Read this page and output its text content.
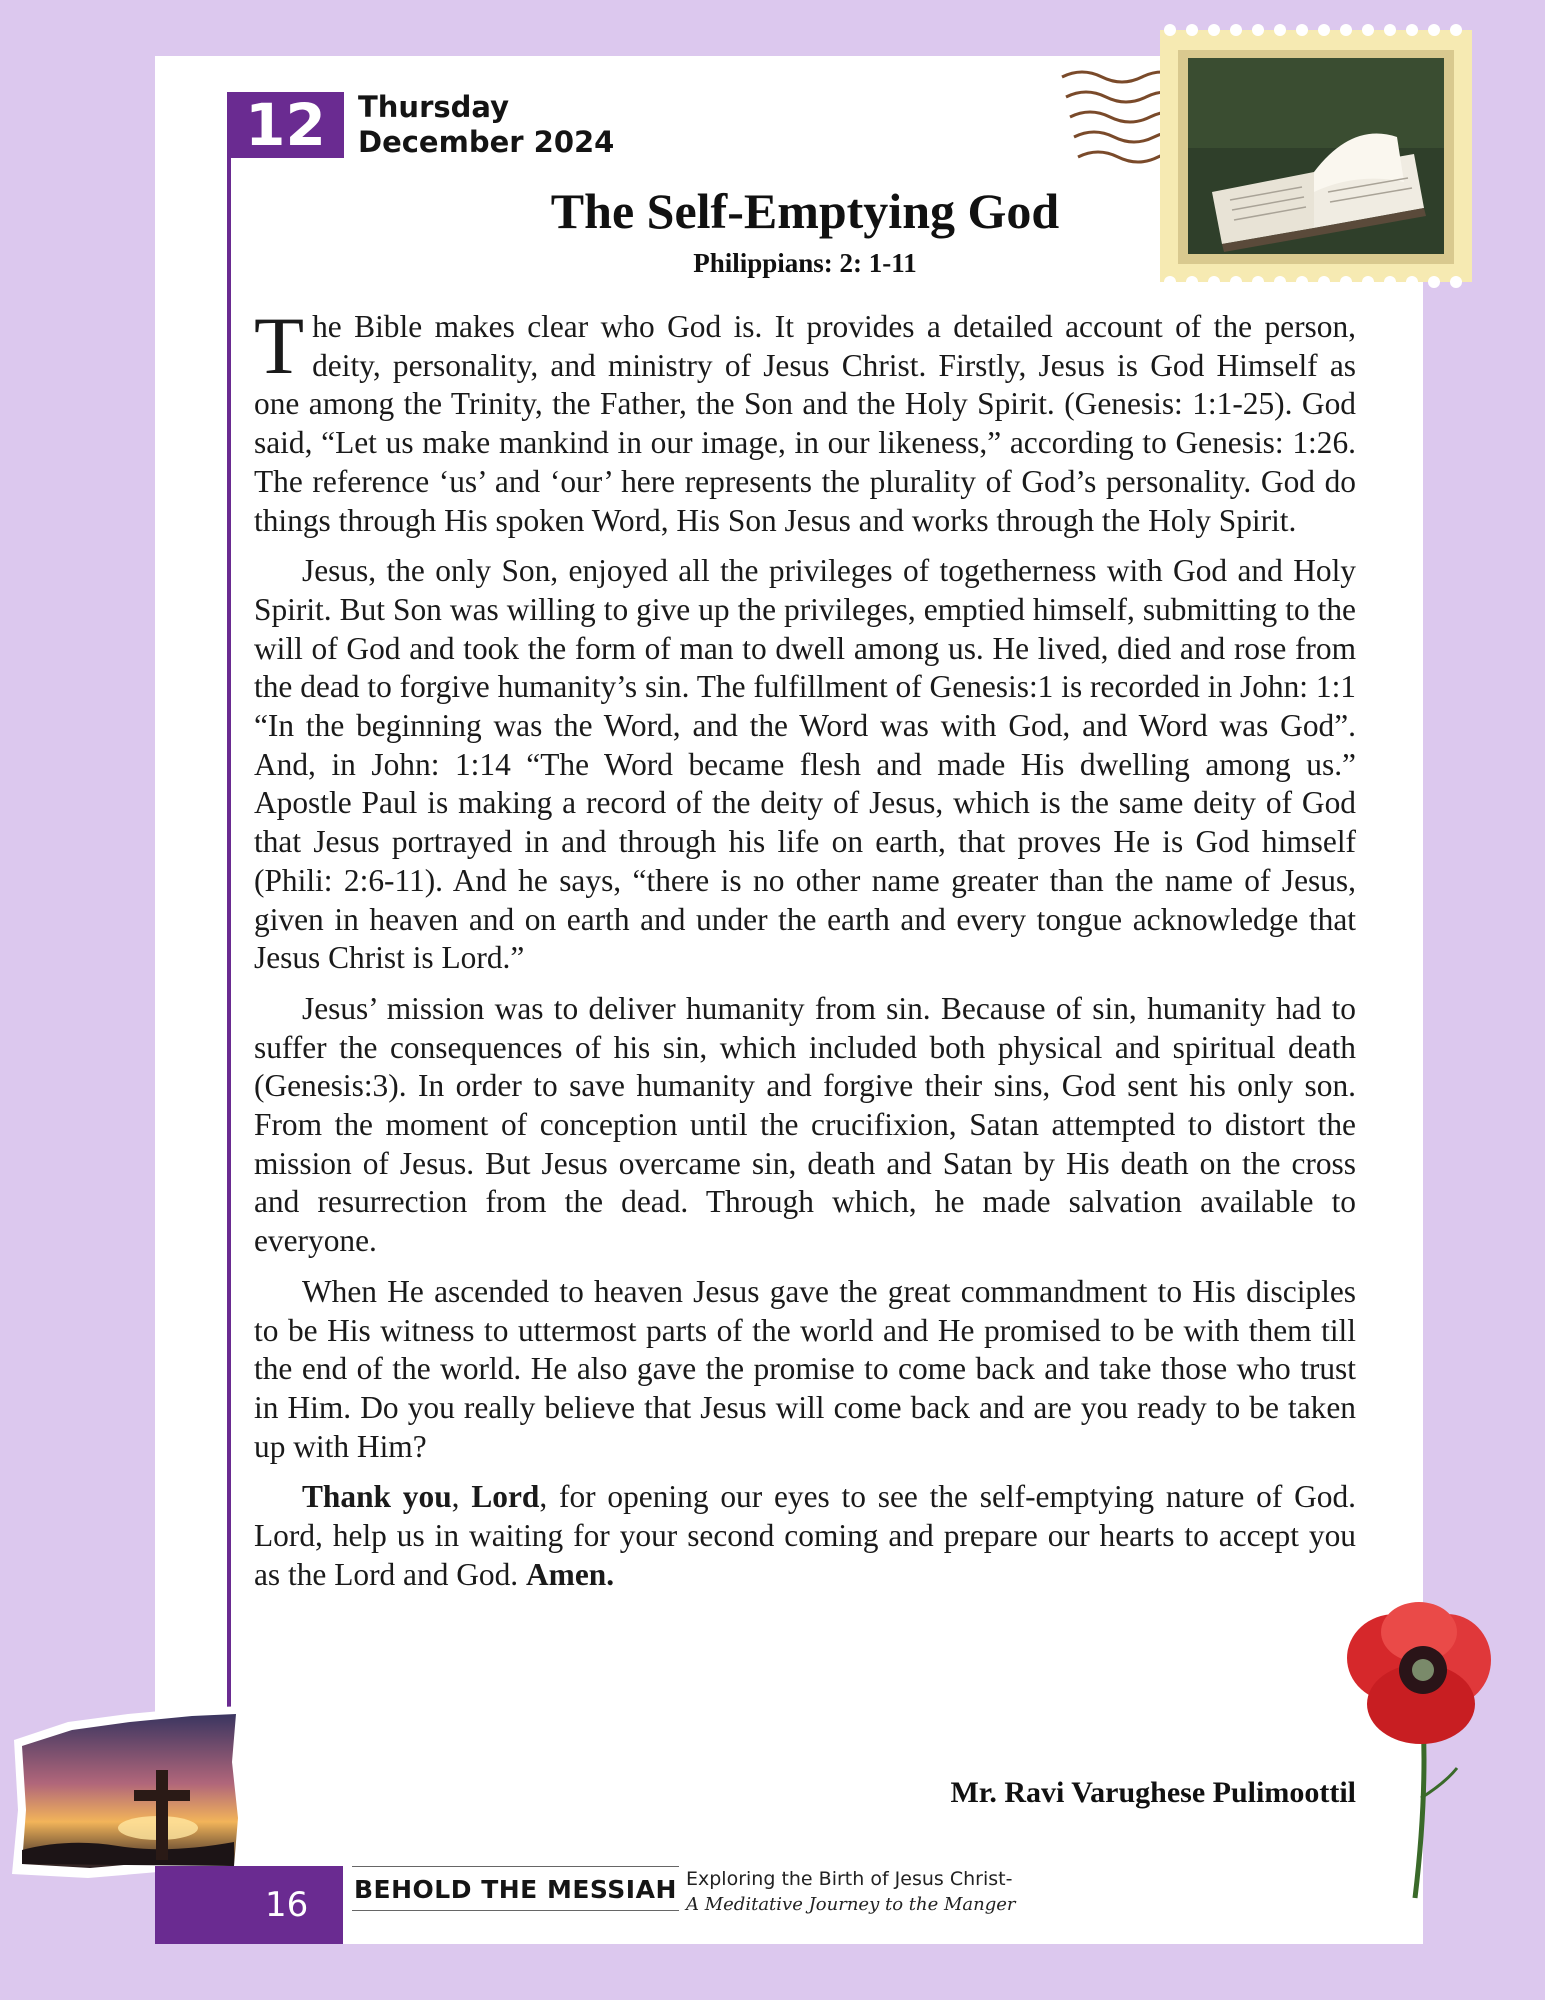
12	Thursday
December 2024
The Self-Emptying God
Philippians: 2: 1-11

The Bible makes clear who God is. It provides a detailed account of the person, deity, personality, and ministry of Jesus Christ. Firstly, Jesus is God Himself as one among the Trinity, the Father, the Son and the Holy Spirit. (Genesis: 1:1-25). God said, “Let us make mankind in our image, in our likeness,” according to Genesis: 1:26. The reference ‘us’ and ‘our’ here represents the plurality of God’s personality. God do things through His spoken Word, His Son Jesus and works through the Holy Spirit.

Jesus, the only Son, enjoyed all the privileges of togetherness with God and Holy Spirit. But Son was willing to give up the privileges, emptied himself, submitting to the will of God and took the form of man to dwell among us. He lived, died and rose from the dead to forgive humanity’s sin. The fulfillment of Genesis:1 is recorded in John: 1:1 “In the beginning was the Word, and the Word was with God, and Word was God”. And, in John: 1:14 “The Word became flesh and made His dwelling among us.” Apostle Paul is making a record of the deity of Jesus, which is the same deity of God that Jesus portrayed in and through his life on earth, that proves He is God himself (Phili: 2:6-11). And he says, “there is no other name greater than the name of Jesus, given in heaven and on earth and under the earth and every tongue acknowledge that Jesus Christ is Lord.”

Jesus’ mission was to deliver humanity from sin. Because of sin, humanity had to suffer the consequences of his sin, which included both physical and spiritual death (Genesis:3). In order to save humanity and forgive their sins, God sent his only son. From the moment of conception until the crucifixion, Satan attempted to distort the mission of Jesus. But Jesus overcame sin, death and Satan by His death on the cross and resurrection from the dead. Through which, he made salvation available to everyone.

When He ascended to heaven Jesus gave the great commandment to His disciples to be His witness to uttermost parts of the world and He promised to be with them till the end of the world. He also gave the promise to come back and take those who trust in Him. Do you really believe that Jesus will come back and are you ready to be taken up with Him?

Thank you, Lord, for opening our eyes to see the self-emptying nature of God. Lord, help us in waiting for your second coming and prepare our hearts to accept you as the Lord and God. Amen.

Mr. Ravi Varughese Pulimoottil
16 BEHOLD THE MESSIAH Exploring the Birth of Jesus Christ-
A Meditative Journey to the Manger
